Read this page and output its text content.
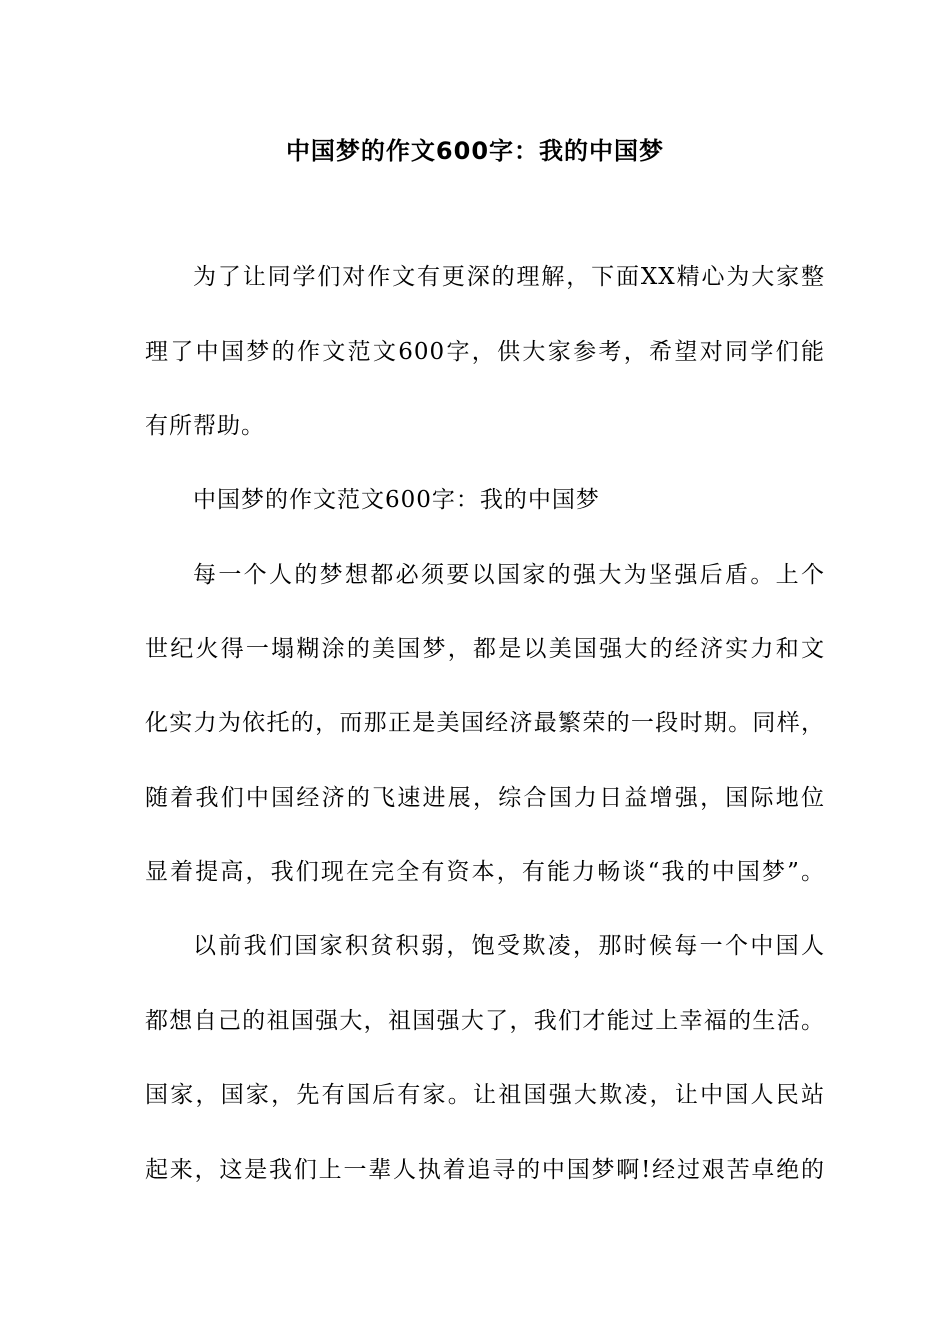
中国梦的作文600字：我的中国梦
为了让同学们对作文有更深的理解，下面XX精心为大家整
理了中国梦的作文范文600字，供大家参考，希望对同学们能
有所帮助。
中国梦的作文范文600字：我的中国梦
每一个人的梦想都必须要以国家的强大为坚强后盾。上个
世纪火得一塌糊涂的美国梦，都是以美国强大的经济实力和文
化实力为依托的，而那正是美国经济最繁荣的一段时期。同样，
随着我们中国经济的飞速进展，综合国力日益增强，国际地位
显着提高，我们现在完全有资本，有能力畅谈“我的中国梦”。
以前我们国家积贫积弱，饱受欺凌，那时候每一个中国人
都想自己的祖国强大，祖国强大了，我们才能过上幸福的生活。
国家，国家，先有国后有家。让祖国强大欺凌，让中国人民站
起来，这是我们上一辈人执着追寻的中国梦啊!经过艰苦卓绝的
